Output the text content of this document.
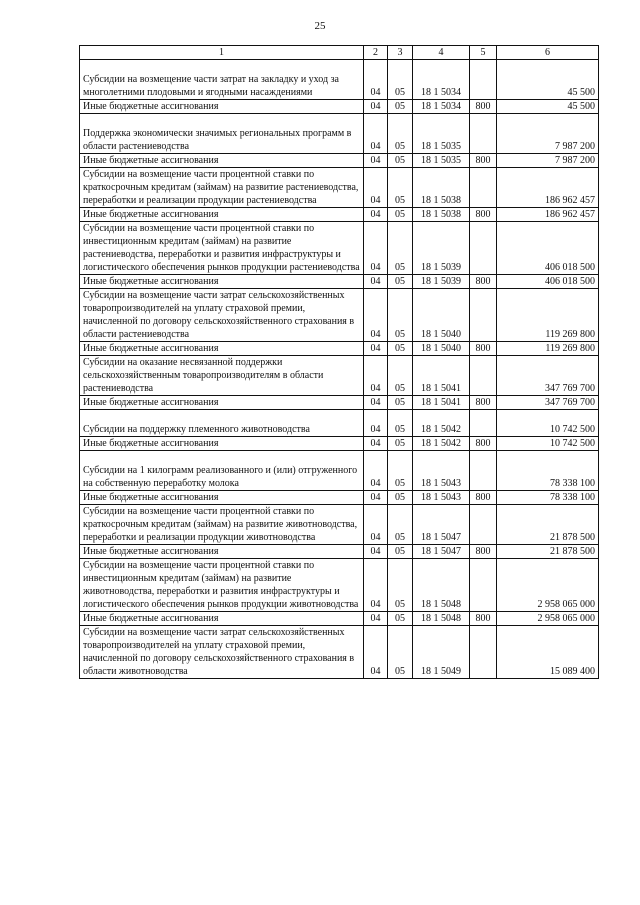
25
1	2	3	4	5	6
Субсидии на возмещение части затрат на закладку и уход за многолетними плодовыми и ягодными насаждениями	04	05	18 1 5034		45 500
Иные бюджетные ассигнования	04	05	18 1 5034	800	45 500
Поддержка экономически значимых региональных программ в области растениеводства	04	05	18 1 5035		7 987 200
Иные бюджетные ассигнования	04	05	18 1 5035	800	7 987 200
Субсидии на возмещение части процентной ставки по краткосрочным кредитам (займам) на развитие растениеводства, переработки и реализации продукции растениеводства	04	05	18 1 5038		186 962 457
Иные бюджетные ассигнования	04	05	18 1 5038	800	186 962 457
Субсидии на возмещение части процентной ставки по инвестиционным кредитам (займам) на развитие растениеводства, переработки и развития инфраструктуры и логистического обеспечения рынков продукции растениеводства	04	05	18 1 5039		406 018 500
Иные бюджетные ассигнования	04	05	18 1 5039	800	406 018 500
Субсидии на возмещение части затрат сельскохозяйственных товаропроизводителей на уплату страховой премии, начисленной по договору сельскохозяйственного страхования в области растениеводства	04	05	18 1 5040		119 269 800
Иные бюджетные ассигнования	04	05	18 1 5040	800	119 269 800
Субсидии на оказание несвязанной поддержки сельскохозяйственным товаропроизводителям в области растениеводства	04	05	18 1 5041		347 769 700
Иные бюджетные ассигнования	04	05	18 1 5041	800	347 769 700
Субсидии на поддержку племенного животноводства	04	05	18 1 5042		10 742 500
Иные бюджетные ассигнования	04	05	18 1 5042	800	10 742 500
Субсидии на 1 килограмм реализованного и (или) отгруженного на собственную переработку молока	04	05	18 1 5043		78 338 100
Иные бюджетные ассигнования	04	05	18 1 5043	800	78 338 100
Субсидии на возмещение части процентной ставки по краткосрочным кредитам (займам) на развитие животноводства, переработки и реализации продукции животноводства	04	05	18 1 5047		21 878 500
Иные бюджетные ассигнования	04	05	18 1 5047	800	21 878 500
Субсидии на возмещение части процентной ставки по инвестиционным кредитам (займам) на развитие животноводства, переработки и развития инфраструктуры и логистического обеспечения рынков продукции животноводства	04	05	18 1 5048		2 958 065 000
Иные бюджетные ассигнования	04	05	18 1 5048	800	2 958 065 000
Субсидии на возмещение части затрат сельскохозяйственных товаропроизводителей на уплату страховой премии, начисленной по договору сельскохозяйственного страхования в области животноводства	04	05	18 1 5049		15 089 400
